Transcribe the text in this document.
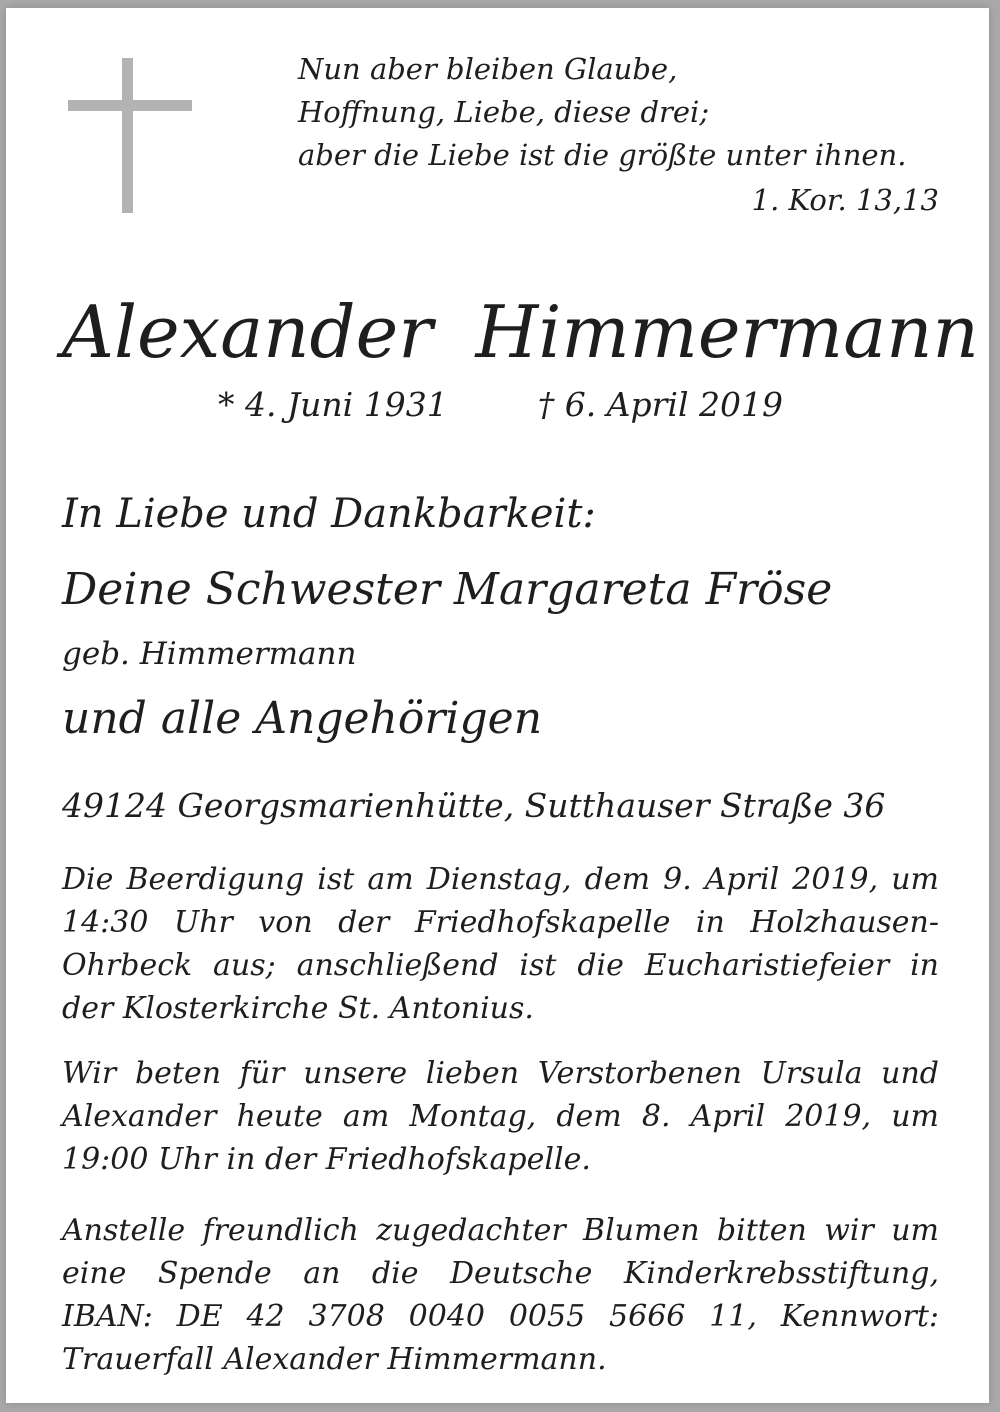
Nun aber bleiben Glaube,
Hoffnung, Liebe, diese drei;
aber die Liebe ist die größte unter ihnen.
1. Kor. 13,13
Alexander Himmermann
* 4. Juni 1931	† 6. April 2019
In Liebe und Dankbarkeit:
Deine Schwester Margareta Fröse
geb. Himmermann
und alle Angehörigen
49124 Georgsmarienhütte, Sutthauser Straße 36
Die Beerdigung ist am Dienstag, dem 9. April 2019, um
14:30 Uhr von der Friedhofskapelle in Holzhausen-
Ohrbeck aus; anschließend ist die Eucharistiefeier in
der Klosterkirche St. Antonius.
Wir beten für unsere lieben Verstorbenen Ursula und
Alexander heute am Montag, dem 8. April 2019, um
19:00 Uhr in der Friedhofskapelle.
Anstelle freundlich zugedachter Blumen bitten wir um
eine Spende an die Deutsche Kinderkrebsstiftung,
IBAN: DE 42 3708 0040 0055 5666 11, Kennwort:
Trauerfall Alexander Himmermann.
